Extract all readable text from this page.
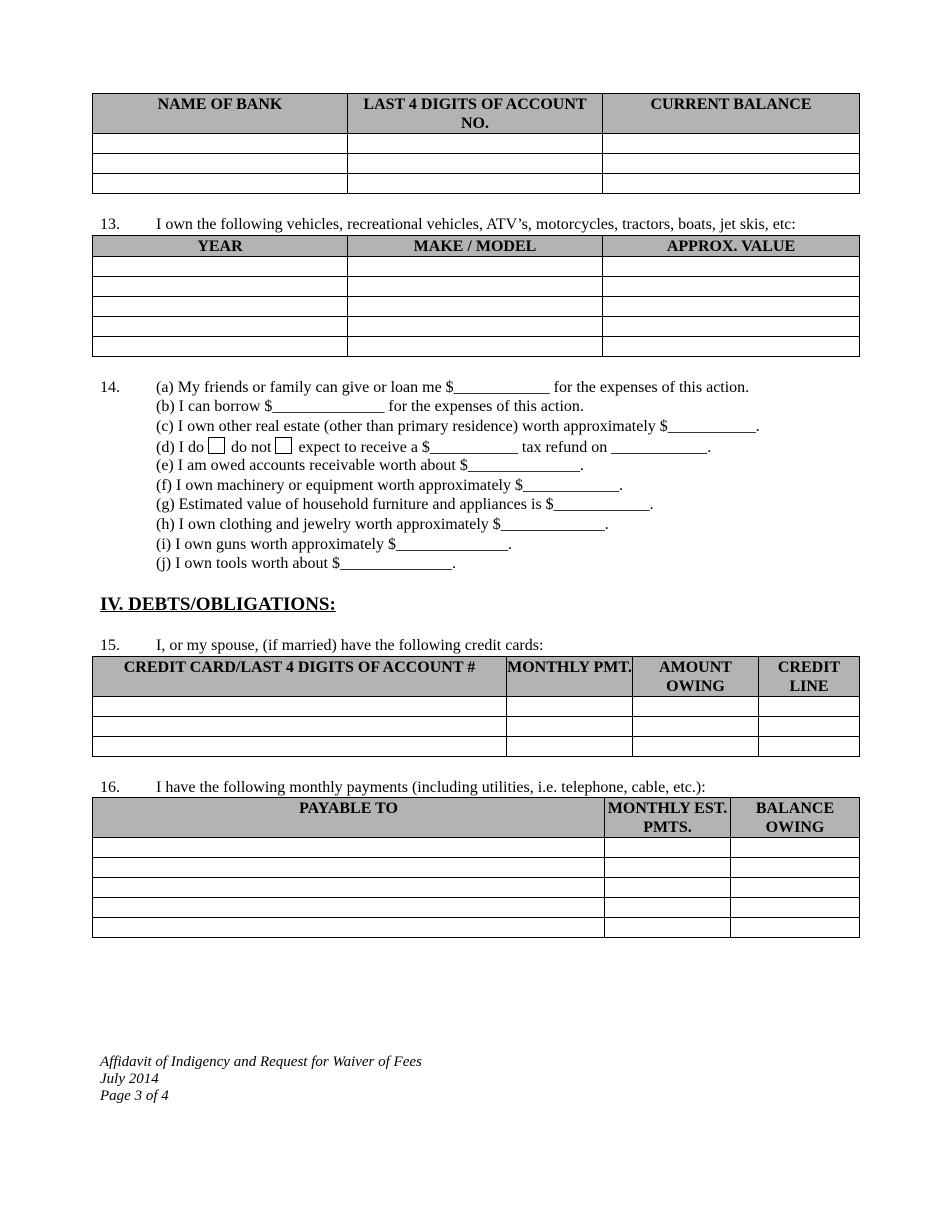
NAME OF BANK	LAST 4 DIGITS OF ACCOUNT NO.	CURRENT BALANCE

13. I own the following vehicles, recreational vehicles, ATV’s, motorcycles, tractors, boats, jet skis, etc:
YEAR	MAKE / MODEL	APPROX. VALUE

14. (a) My friends or family can give or loan me $____________ for the expenses of this action.
(b) I can borrow $______________ for the expenses of this action.
(c) I own other real estate (other than primary residence) worth approximately $___________.
(d) I do do not expect to receive a $___________ tax refund on ____________.
(e) I am owed accounts receivable worth about $______________.
(f) I own machinery or equipment worth approximately $____________.
(g) Estimated value of household furniture and appliances is $____________.
(h) I own clothing and jewelry worth approximately $_____________.
(i) I own guns worth approximately $______________.
(j) I own tools worth about $______________.
IV. DEBTS/OBLIGATIONS:
15. I, or my spouse, (if married) have the following credit cards:
CREDIT CARD/LAST 4 DIGITS OF ACCOUNT #	MONTHLY PMT.	AMOUNT OWING	CREDIT LINE

16. I have the following monthly payments (including utilities, i.e. telephone, cable, etc.):
PAYABLE TO	MONTHLY EST. PMTS.	BALANCE OWING

Affidavit of Indigency and Request for Waiver of Fees
July 2014
Page 3 of 4
